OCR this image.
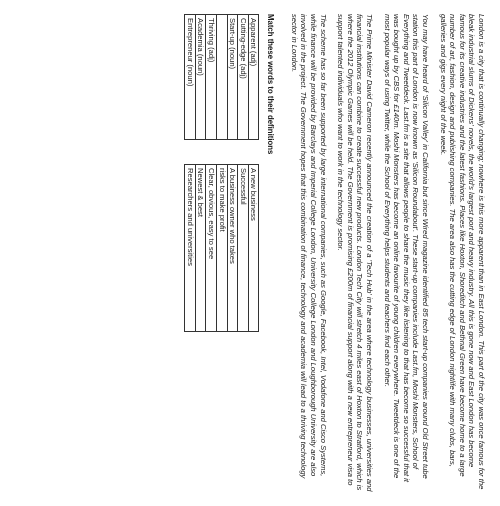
London is a city that is continually changing; nowhere is this more apparent than in East London. This part of the city was once famous for the bleak industrial slums of Dickens' novels, the world's largest port and heavy industry. All this is gone now and East London has become famous for its creative industries and the latest fashions. Places like Hoxton, Shoreditch and Bethnal Green have become home to a large number of art, fashion, design and publishing companies. The area also has the cutting edge of London nightlife with many clubs, bars, galleries and gigs every night of the week.

You may have heard of 'Silicon Valley' in California but since Wired magazine identified 85 tech start-up companies around Old Street tube station this part of London is now known as 'Silicon Roundabout'. These start-up companies include Last.fm, Moshi Monsters, School of Everything and Tweetdeck. Last.fm is a site that allows people to share the music they like listening to that has become so successful that it was bought up by CBS for £140m. Moshi Monsters has become an online favourite of young children everywhere. Tweetdeck is one of the most popular ways of using Twitter, while the School of Everything helps students and teachers find each other.

The Prime Minister David Cameron recently announced the creation of a 'Tech Hub' in the area where technology businesses, universities and financial institutions can combine to create successful new products. London Tech City will stretch 4 miles east of Hoxton to Stratford, which is where the 2012 Olympic Games will be held. The Government is promising £200m of financial support along with a new entrepreneur visa to support talented individuals who want to work in the technology sector.

The scheme has so far been supported by large international companies, such as Google, Facebook, Intel, Vodafone and Cisco Systems, while finance will be provided by Barclays and Imperial College London, University College London and Loughborough University are also involved in the project. The Government hopes that this combination of finance, technology and academia will lead to a thriving technology sector in London.

Match these words to their definitions
Apparent (adj)		A new business
Cutting-edge (adj)		Successful
Start-up (noun)		A business owner who takes
		risks to make profit
Thriving (adj)		Clear, obvious, easy to see
Academia (noun)		Newest & best
Entrepreneur (noun)		Researchers and universities
